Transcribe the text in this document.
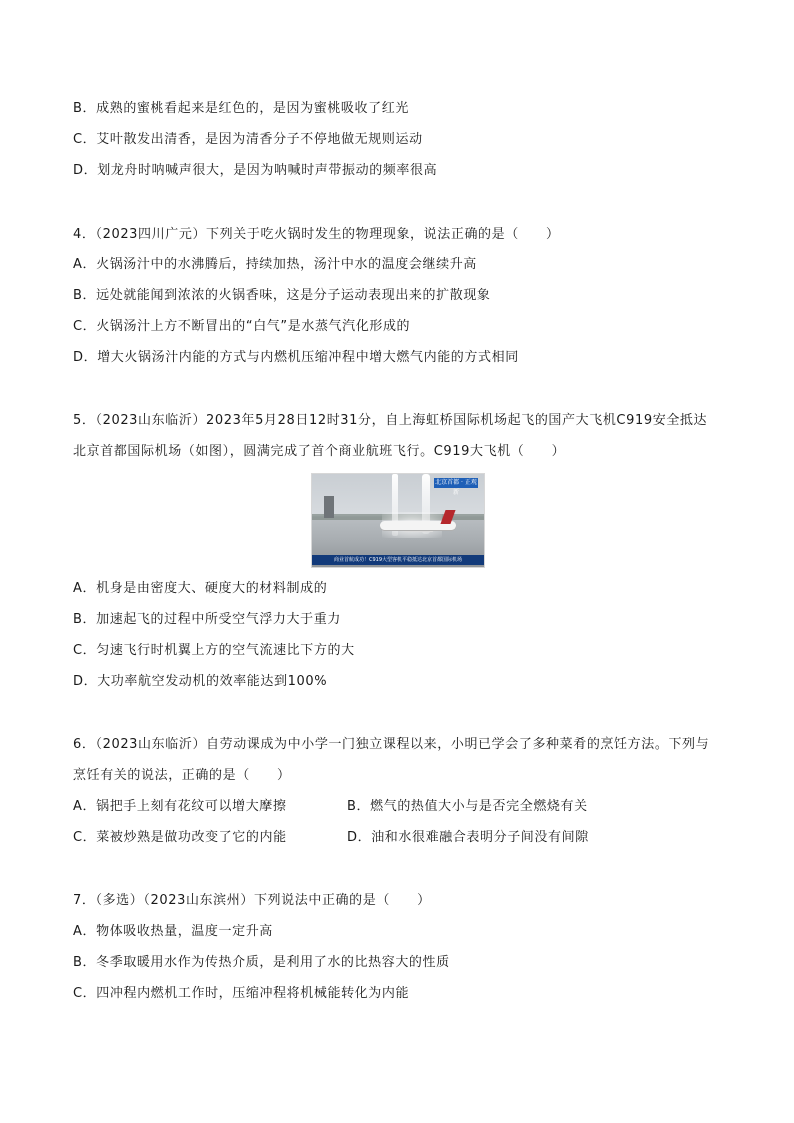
B．成熟的蜜桃看起来是红色的，是因为蜜桃吸收了红光
C．艾叶散发出清香，是因为清香分子不停地做无规则运动
D．划龙舟时呐喊声很大，是因为呐喊时声带振动的频率很高
4．（2023四川广元）下列关于吃火锅时发生的物理现象，说法正确的是（　　）
A．火锅汤汁中的水沸腾后，持续加热，汤汁中水的温度会继续升高
B．远处就能闻到浓浓的火锅香味，这是分子运动表现出来的扩散现象
C．火锅汤汁上方不断冒出的“白气”是水蒸气汽化形成的
D．增大火锅汤汁内能的方式与内燃机压缩冲程中增大燃气内能的方式相同
5．（2023山东临沂）2023年5月28日12时31分，自上海虹桥国际机场起飞的国产大飞机C919安全抵达
北京首都国际机场（如图），圆满完成了首个商业航班飞行。C919大飞机（　　）
北京首都 · 正观新
商业首航成功！C919大型客机平稳抵达北京首都国际机场
A．机身是由密度大、硬度大的材料制成的
B．加速起飞的过程中所受空气浮力大于重力
C．匀速飞行时机翼上方的空气流速比下方的大
D．大功率航空发动机的效率能达到100%
6．（2023山东临沂）自劳动课成为中小学一门独立课程以来，小明已学会了多种菜肴的烹饪方法。下列与
烹饪有关的说法，正确的是（　　）
A．锅把手上刻有花纹可以增大摩擦	B．燃气的热值大小与是否完全燃烧有关
C．菜被炒熟是做功改变了它的内能	D．油和水很难融合表明分子间没有间隙
7．（多选）（2023山东滨州）下列说法中正确的是（　　）
A．物体吸收热量，温度一定升高
B．冬季取暖用水作为传热介质，是利用了水的比热容大的性质
C．四冲程内燃机工作时，压缩冲程将机械能转化为内能
